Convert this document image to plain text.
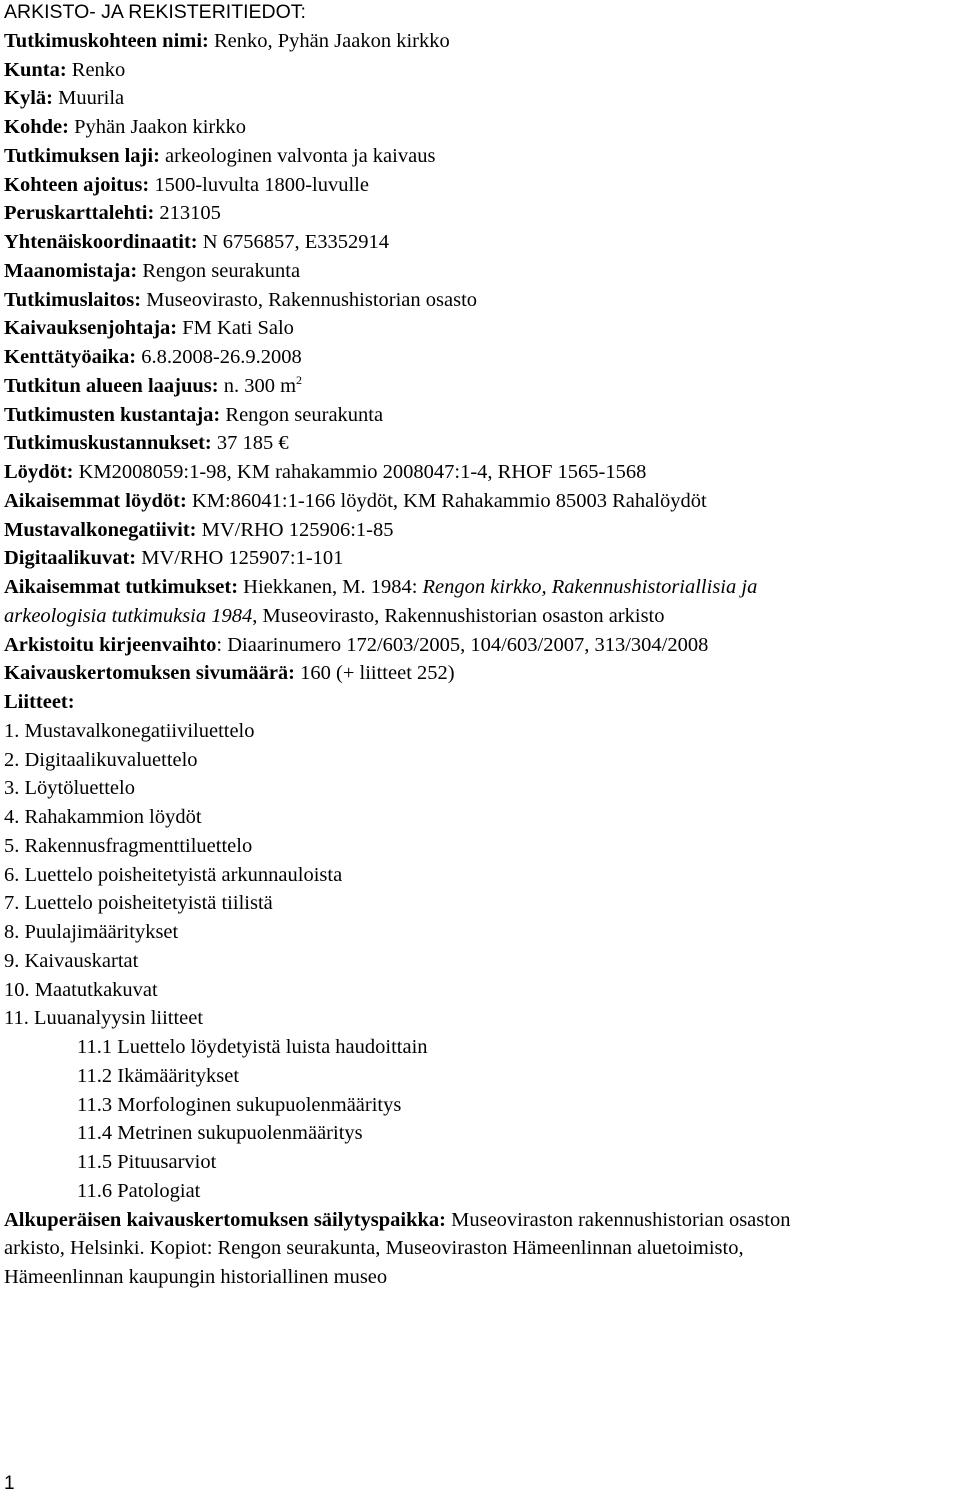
ARKISTO- JA REKISTERITIEDOT:
Tutkimuskohteen nimi: Renko, Pyhän Jaakon kirkko
Kunta: Renko
Kylä: Muurila
Kohde: Pyhän Jaakon kirkko
Tutkimuksen laji: arkeologinen valvonta ja kaivaus
Kohteen ajoitus: 1500-luvulta 1800-luvulle
Peruskarttalehti: 213105
Yhtenäiskoordinaatit: N 6756857, E3352914
Maanomistaja: Rengon seurakunta
Tutkimuslaitos: Museovirasto, Rakennushistorian osasto
Kaivauksenjohtaja: FM Kati Salo
Kenttätyöaika: 6.8.2008-26.9.2008
Tutkitun alueen laajuus: n. 300 $m^2$
Tutkimusten kustantaja: Rengon seurakunta
Tutkimuskustannukset: 37 185 €
Löydöt: KM2008059:1-98, KM rahakammio 2008047:1-4, RHOF 1565-1568
Aikaisemmat löydöt: KM:86041:1-166 löydöt, KM Rahakammio 85003 Rahalöydöt
Mustavalkonegatiivit: MV/RHO 125906:1-85
Digitaalikuvat: MV/RHO 125907:1-101
Aikaisemmat tutkimukset: Hiekkanen, M. 1984: Rengon kirkko, Rakennushistoriallisia ja
arkeologisia tutkimuksia 1984, Museovirasto, Rakennushistorian osaston arkisto
Arkistoitu kirjeenvaihto: Diaarinumero 172/603/2005, 104/603/2007, 313/304/2008
Kaivauskertomuksen sivumäärä: 160 (+ liitteet 252)
Liitteet:
1. Mustavalkonegatiiviluettelo
2. Digitaalikuvaluettelo
3. Löytöluettelo
4. Rahakammion löydöt
5. Rakennusfragmenttiluettelo
6. Luettelo poisheitetyistä arkunnauloista
7. Luettelo poisheitetyistä tiilistä
8. Puulajimääritykset
9. Kaivauskartat
10. Maatutkakuvat
11. Luuanalyysin liitteet
11.1 Luettelo löydetyistä luista haudoittain
11.2 Ikämääritykset
11.3 Morfologinen sukupuolenmääritys
11.4 Metrinen sukupuolenmääritys
11.5 Pituusarviot
11.6 Patologiat
Alkuperäisen kaivauskertomuksen säilytyspaikka: Museoviraston rakennushistorian osaston
arkisto, Helsinki. Kopiot: Rengon seurakunta, Museoviraston Hämeenlinnan aluetoimisto,
Hämeenlinnan kaupungin historiallinen museo
1
